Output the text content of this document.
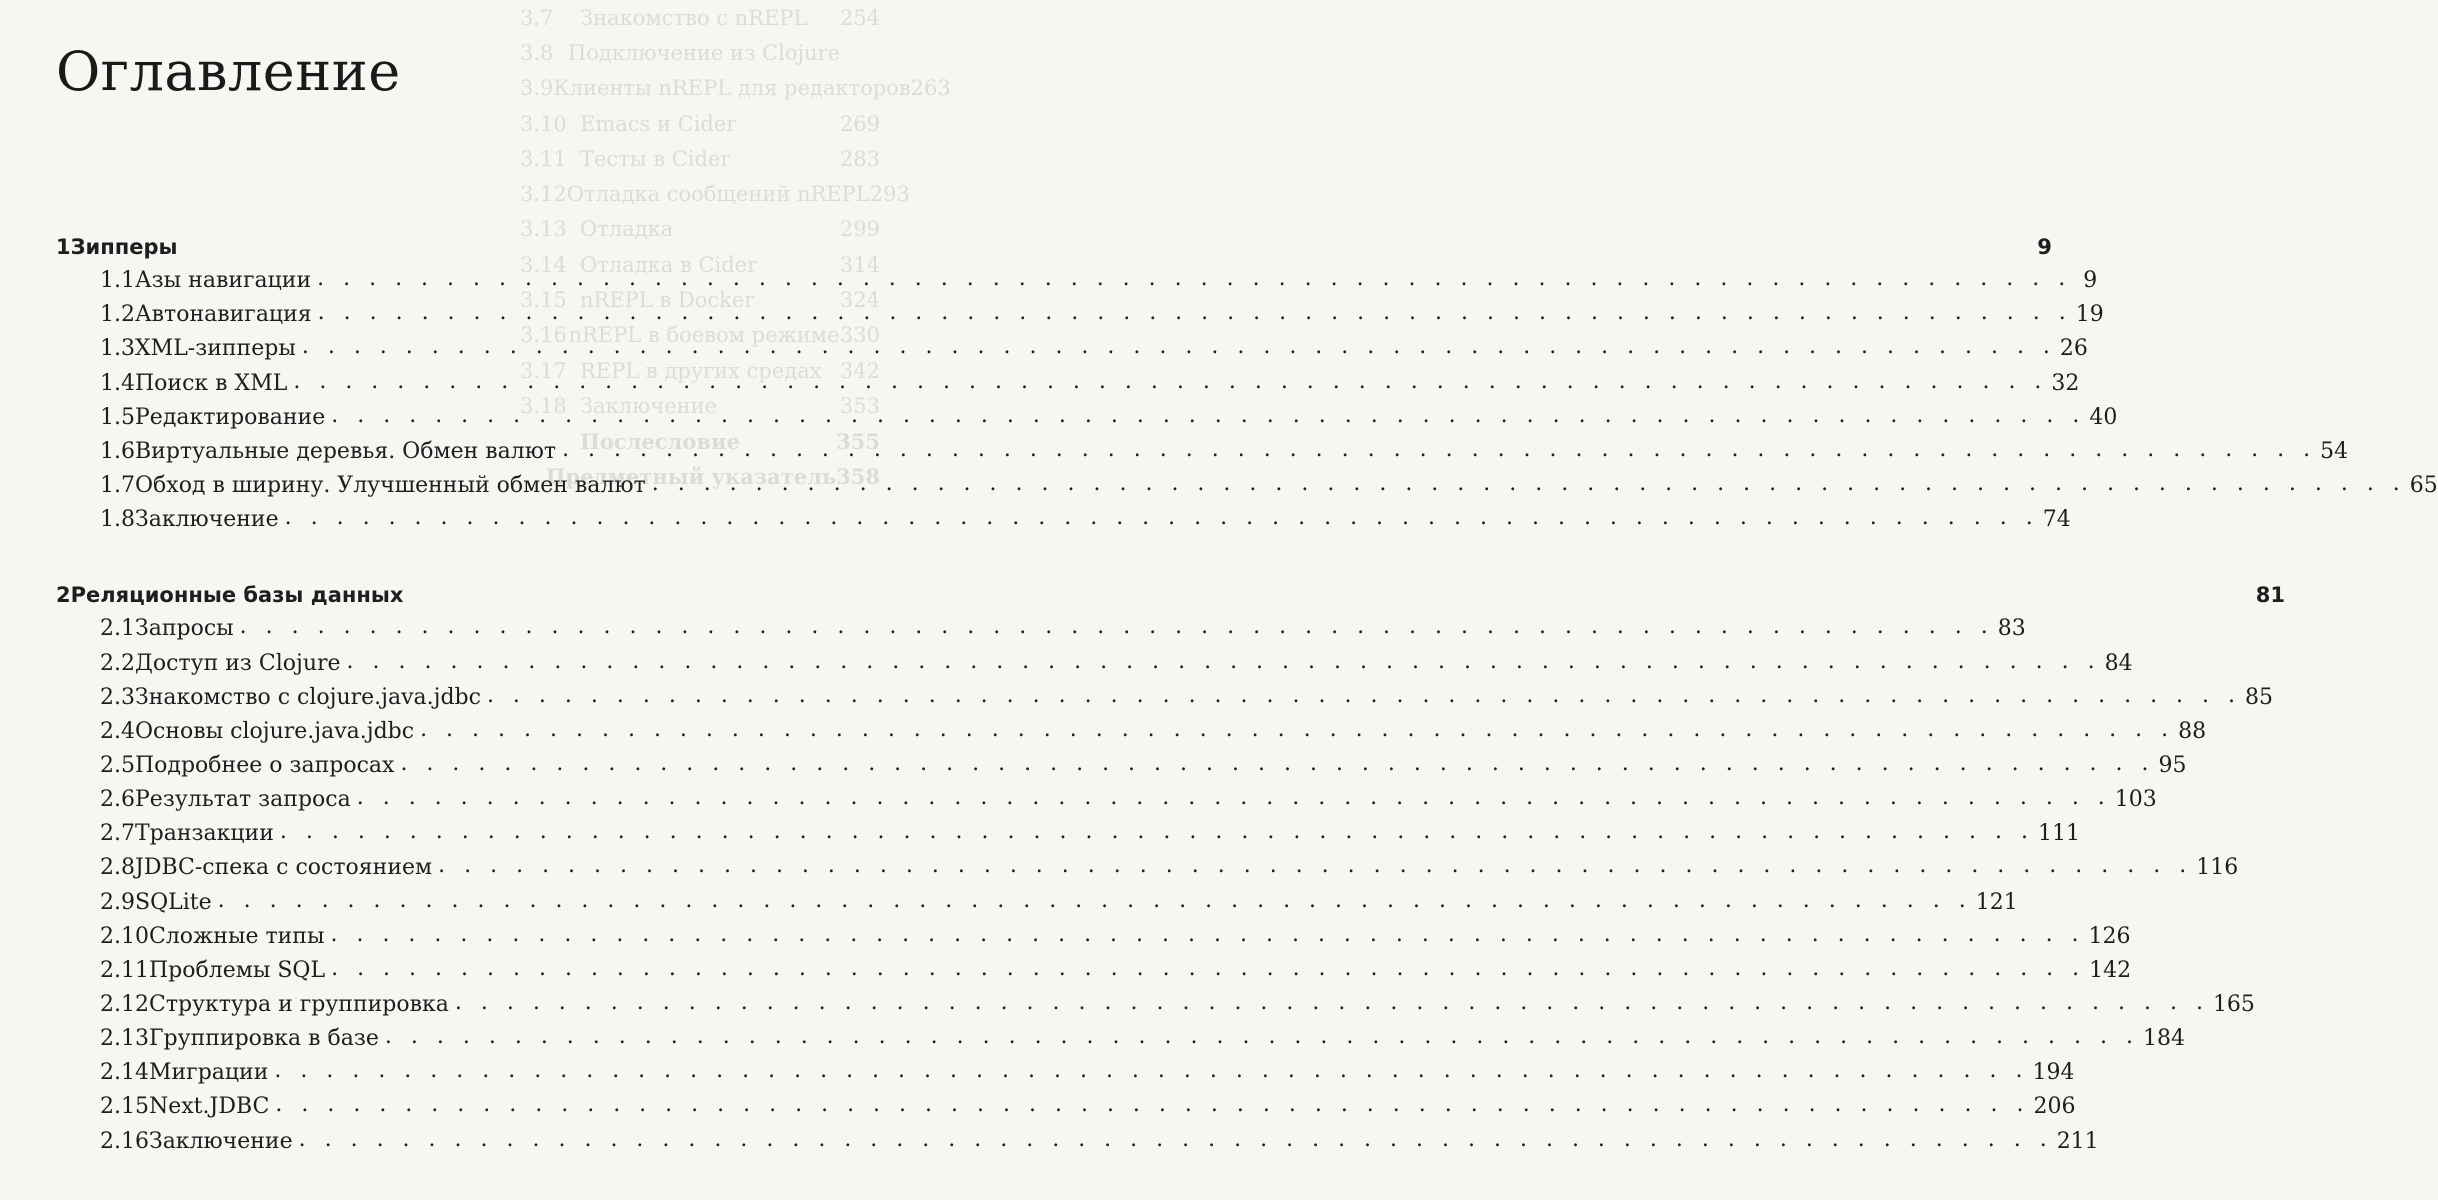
3.7	Знакомство с nREPL	254
3.8 Подключение из Clojure
3.9 Клиенты nREPL для редакторов 263
3.10 Emacs и Cider	269
3.11 Тесты в Cider	283
3.12 Отладка сообщений nREPL 293
3.13 Отладка	299
3.14 Отладка в Cider	314
3.15 nREPL в Docker	324
3.16 nREPL в боевом режиме 330
3.17 REPL в других средах 342
3.18 Заключение	353
Послесловие	355
Предметный указатель 358
Оглавление
1 Зипперы	9
1.1 Азы навигации . . .	9
1.2 Автонавигация . . .	19
1.3 XML-зипперы . . .	26
1.4 Поиск в XML . . .	32
1.5 Редактирование . . .	40
1.6 Виртуальные деревья. Обмен валют . . .	54
1.7 Обход в ширину. Улучшенный обмен валют . . .	65
1.8 Заключение . . .	74
2 Реляционные базы данных	81
2.1 Запросы . . .	83
2.2 Доступ из Clojure . . .	84
2.3 Знакомство с clojure.java.jdbc . . .	85
2.4 Основы clojure.java.jdbc . . .	88
2.5 Подробнее о запросах . . .	95
2.6 Результат запроса . . .	103
2.7 Транзакции . . .	111
2.8 JDBC-спека с состоянием . . .	116
2.9 SQLite . . .	121
2.10 Сложные типы . . .	126
2.11 Проблемы SQL . . .	142
2.12 Структура и группировка . . .	165
2.13 Группировка в базе . . .	184
2.14 Миграции . . .	194
2.15 Next.JDBC . . .	206
2.16 Заключение . . .	211
